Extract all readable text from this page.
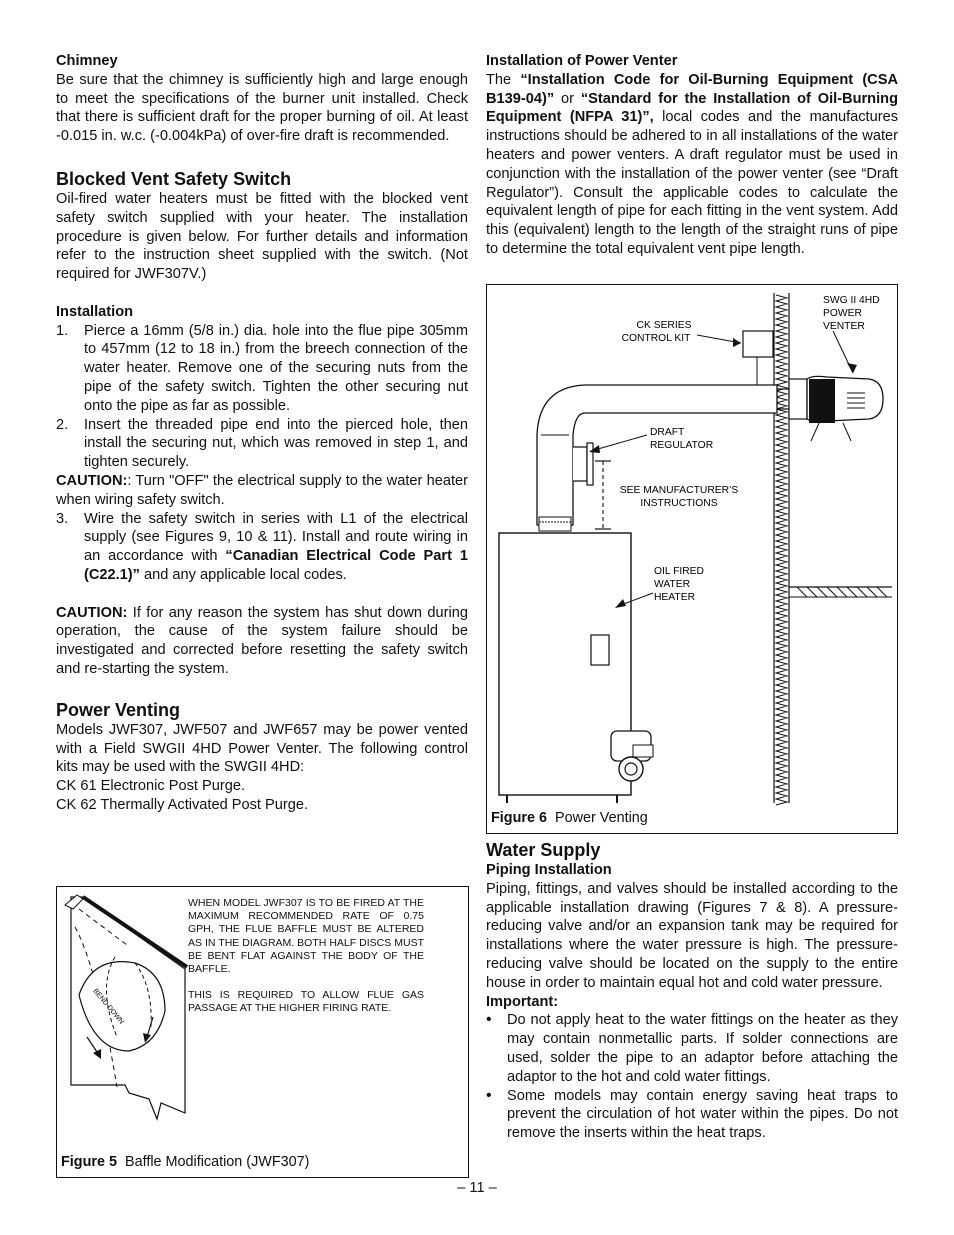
Chimney

Be sure that the chimney is sufficiently high and large enough to meet the specifications of the burner unit installed. Check that there is sufficient draft for the proper burning of oil. At least -0.015 in. w.c. (-0.004kPa) of over-fire draft is recommended.

Blocked Vent Safety Switch

Oil-fired water heaters must be fitted with the blocked vent safety switch supplied with your heater. The installation procedure is given below. For further details and information refer to the instruction sheet supplied with the switch. (Not required for JWF307V.)

Installation
1.	Pierce a 16mm (5/8 in.) dia. hole into the flue pipe 305mm to 457mm (12 to 18 in.) from the breech connection of the water heater. Remove one of the securing nuts from the pipe of the safety switch. Tighten the other securing nut onto the pipe as far as possible.
2.	Insert the threaded pipe end into the pierced hole, then install the securing nut, which was removed in step 1, and tighten securely.

CAUTION:: Turn "OFF" the electrical supply to the water heater when wiring safety switch.

3.	Wire the safety switch in series with L1 of the electrical supply (see Figures 9, 10 & 11). Install and route wiring in an accordance with “Canadian Electrical Code Part 1 (C22.1)” and any applicable local codes.

CAUTION: If for any reason the system has shut down during operation, the cause of the system failure should be investigated and corrected before resetting the safety switch and re-starting the system.

Power Venting

Models JWF307, JWF507 and JWF657 may be power vented with a Field SWGII 4HD Power Venter. The following control kits may be used with the SWGII 4HD:

CK 61 Electronic Post Purge.

CK 62 Thermally Activated Post Purge.

Installation of Power Venter

The “Installation Code for Oil-Burning Equipment (CSA B139-04)” or “Standard for the Installation of Oil-Burning Equipment (NFPA 31)”, local codes and the manufactures instructions should be adhered to in all installations of the water heaters and power venters. A draft regulator must be used in conjunction with the installation of the power venter (see “Draft Regulator”). Consult the applicable codes to calculate the equivalent length of pipe for each fitting in the vent system. Add this (equivalent) length to the length of the straight runs of pipe to determine the total equivalent vent pipe length.

CK SERIES
CONTROL KIT
SWG II 4HD
POWER
VENTER
DRAFT
REGULATOR
SEE MANUFACTURER’S
INSTRUCTIONS
OIL FIRED
WATER
HEATER
Figure 6 Power Venting
Water Supply
Piping Installation

Piping, fittings, and valves should be installed according to the applicable installation drawing (Figures 7 & 8). A pressure-reducing valve and/or an expansion tank may be required for installations where the water pressure is high. The pressure-reducing valve should be located on the supply to the entire house in order to maintain equal hot and cold water pressure.

Important:
•	Do not apply heat to the water fittings on the heater as they may contain nonmetallic parts. If solder connections are used, solder the pipe to an adaptor before attaching the adaptor to the hot and cold water fittings.
•	Some models may contain energy saving heat traps to prevent the circulation of hot water within the pipes. Do not remove the inserts within the heat traps.
BEND DOWN
Figure 5 Baffle Modification (JWF307)

WHEN MODEL JWF307 IS TO BE FIRED AT THE MAXIMUM RECOMMENDED RATE OF 0.75 GPH, THE FLUE BAFFLE MUST BE ALTERED AS IN THE DIAGRAM. BOTH HALF DISCS MUST BE BENT FLAT AGAINST THE BODY OF THE BAFFLE.

THIS IS REQUIRED TO ALLOW FLUE GAS PASSAGE AT THE HIGHER FIRING RATE.

– 11 –
